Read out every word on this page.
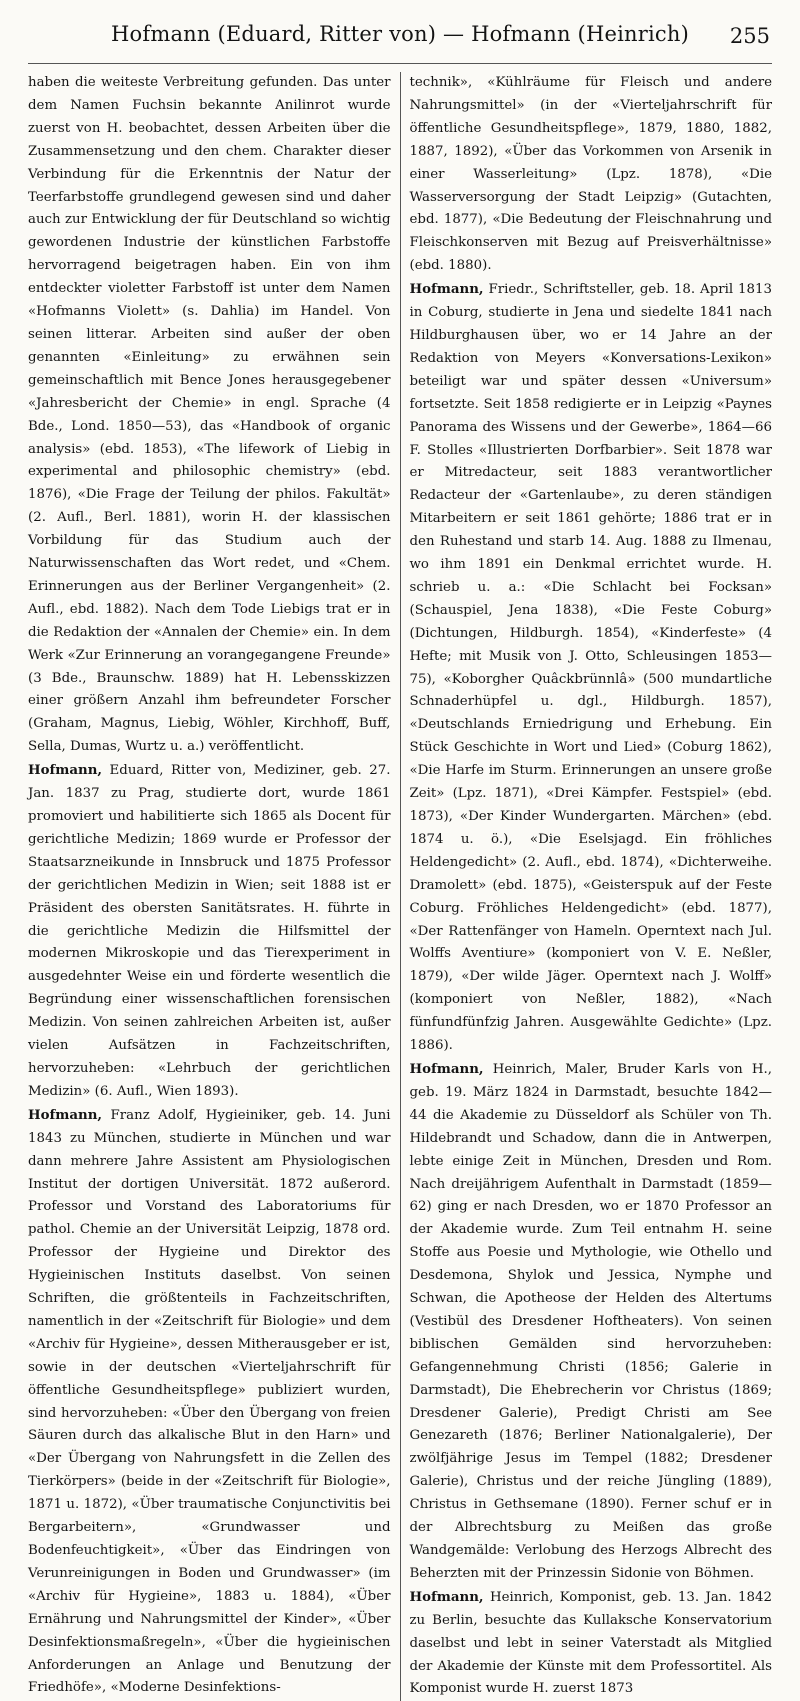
Hofmann (Eduard, Ritter von) — Hofmann (Heinrich) 255

haben die weiteste Verbreitung gefunden. Das unter dem Namen Fuchsin bekannte Anilinrot wurde zuerst von H. beobachtet, dessen Arbeiten über die Zusammensetzung und den chem. Charakter dieser Verbindung für die Erkenntnis der Natur der Teerfarbstoffe grundlegend gewesen sind und daher auch zur Entwicklung der für Deutschland so wichtig gewordenen Industrie der künstlichen Farbstoffe hervorragend beigetragen haben. Ein von ihm entdeckter violetter Farbstoff ist unter dem Namen «Hofmanns Violett» (s. Dahlia) im Handel. Von seinen litterar. Arbeiten sind außer der oben genannten «Einleitung» zu erwähnen sein gemeinschaftlich mit Bence Jones herausgegebener «Jahresbericht der Chemie» in engl. Sprache (4 Bde., Lond. 1850—53), das «Handbook of organic analysis» (ebd. 1853), «The lifework of Liebig in experimental and philosophic chemistry» (ebd. 1876), «Die Frage der Teilung der philos. Fakultät» (2. Aufl., Berl. 1881), worin H. der klassischen Vorbildung für das Studium auch der Naturwissenschaften das Wort redet, und «Chem. Erinnerungen aus der Berliner Vergangenheit» (2. Aufl., ebd. 1882). Nach dem Tode Liebigs trat er in die Redaktion der «Annalen der Chemie» ein. In dem Werk «Zur Erinnerung an vorangegangene Freunde» (3 Bde., Braunschw. 1889) hat H. Lebensskizzen einer größern Anzahl ihm befreundeter Forscher (Graham, Magnus, Liebig, Wöhler, Kirchhoff, Buff, Sella, Dumas, Wurtz u. a.) veröffentlicht.

Hofmann, Eduard, Ritter von, Mediziner, geb. 27. Jan. 1837 zu Prag, studierte dort, wurde 1861 promoviert und habilitierte sich 1865 als Docent für gerichtliche Medizin; 1869 wurde er Professor der Staatsarzneikunde in Innsbruck und 1875 Professor der gerichtlichen Medizin in Wien; seit 1888 ist er Präsident des obersten Sanitätsrates. H. führte in die gerichtliche Medizin die Hilfsmittel der modernen Mikroskopie und das Tierexperiment in ausgedehnter Weise ein und förderte wesentlich die Begründung einer wissenschaftlichen forensischen Medizin. Von seinen zahlreichen Arbeiten ist, außer vielen Aufsätzen in Fachzeitschriften, hervorzuheben: «Lehrbuch der gerichtlichen Medizin» (6. Aufl., Wien 1893).

Hofmann, Franz Adolf, Hygieiniker, geb. 14. Juni 1843 zu München, studierte in München und war dann mehrere Jahre Assistent am Physiologischen Institut der dortigen Universität. 1872 außerord. Professor und Vorstand des Laboratoriums für pathol. Chemie an der Universität Leipzig, 1878 ord. Professor der Hygieine und Direktor des Hygieinischen Instituts daselbst. Von seinen Schriften, die größtenteils in Fachzeitschriften, namentlich in der «Zeitschrift für Biologie» und dem «Archiv für Hygieine», dessen Mitherausgeber er ist, sowie in der deutschen «Vierteljahrschrift für öffentliche Gesundheitspflege» publiziert wurden, sind hervorzuheben: «Über den Übergang von freien Säuren durch das alkalische Blut in den Harn» und «Der Übergang von Nahrungsfett in die Zellen des Tierkörpers» (beide in der «Zeitschrift für Biologie», 1871 u. 1872), «Über traumatische Conjunctivitis bei Bergarbeitern», «Grundwasser und Bodenfeuchtigkeit», «Über das Eindringen von Verunreinigungen in Boden und Grundwasser» (im «Archiv für Hygieine», 1883 u. 1884), «Über Ernährung und Nahrungsmittel der Kinder», «Über Desinfektionsmaßregeln», «Über die hygieinischen Anforderungen an Anlage und Benutzung der Friedhöfe», «Moderne Desinfektions-

technik», «Kühlräume für Fleisch und andere Nahrungsmittel» (in der «Vierteljahrschrift für öffentliche Gesundheitspflege», 1879, 1880, 1882, 1887, 1892), «Über das Vorkommen von Arsenik in einer Wasserleitung» (Lpz. 1878), «Die Wasserversorgung der Stadt Leipzig» (Gutachten, ebd. 1877), «Die Bedeutung der Fleischnahrung und Fleischkonserven mit Bezug auf Preisverhältnisse» (ebd. 1880).

Hofmann, Friedr., Schriftsteller, geb. 18. April 1813 in Coburg, studierte in Jena und siedelte 1841 nach Hildburghausen über, wo er 14 Jahre an der Redaktion von Meyers «Konversations-Lexikon» beteiligt war und später dessen «Universum» fortsetzte. Seit 1858 redigierte er in Leipzig «Paynes Panorama des Wissens und der Gewerbe», 1864—66 F. Stolles «Illustrierten Dorfbarbier». Seit 1878 war er Mitredacteur, seit 1883 verantwortlicher Redacteur der «Gartenlaube», zu deren ständigen Mitarbeitern er seit 1861 gehörte; 1886 trat er in den Ruhestand und starb 14. Aug. 1888 zu Ilmenau, wo ihm 1891 ein Denkmal errichtet wurde. H. schrieb u. a.: «Die Schlacht bei Focksan» (Schauspiel, Jena 1838), «Die Feste Coburg» (Dichtungen, Hildburgh. 1854), «Kinderfeste» (4 Hefte; mit Musik von J. Otto, Schleusingen 1853—75), «Koborgher Quâckbrünnlâ» (500 mundartliche Schnaderhüpfel u. dgl., Hildburgh. 1857), «Deutschlands Erniedrigung und Erhebung. Ein Stück Geschichte in Wort und Lied» (Coburg 1862), «Die Harfe im Sturm. Erinnerungen an unsere große Zeit» (Lpz. 1871), «Drei Kämpfer. Festspiel» (ebd. 1873), «Der Kinder Wundergarten. Märchen» (ebd. 1874 u. ö.), «Die Eselsjagd. Ein fröhliches Heldengedicht» (2. Aufl., ebd. 1874), «Dichterweihe. Dramolett» (ebd. 1875), «Geisterspuk auf der Feste Coburg. Fröhliches Heldengedicht» (ebd. 1877), «Der Rattenfänger von Hameln. Operntext nach Jul. Wolffs Aventiure» (komponiert von V. E. Neßler, 1879), «Der wilde Jäger. Operntext nach J. Wolff» (komponiert von Neßler, 1882), «Nach fünfundfünfzig Jahren. Ausgewählte Gedichte» (Lpz. 1886).

Hofmann, Heinrich, Maler, Bruder Karls von H., geb. 19. März 1824 in Darmstadt, besuchte 1842—44 die Akademie zu Düsseldorf als Schüler von Th. Hildebrandt und Schadow, dann die in Antwerpen, lebte einige Zeit in München, Dresden und Rom. Nach dreijährigem Aufenthalt in Darmstadt (1859—62) ging er nach Dresden, wo er 1870 Professor an der Akademie wurde. Zum Teil entnahm H. seine Stoffe aus Poesie und Mythologie, wie Othello und Desdemona, Shylok und Jessica, Nymphe und Schwan, die Apotheose der Helden des Altertums (Vestibül des Dresdener Hoftheaters). Von seinen biblischen Gemälden sind hervorzuheben: Gefangennehmung Christi (1856; Galerie in Darmstadt), Die Ehebrecherin vor Christus (1869; Dresdener Galerie), Predigt Christi am See Genezareth (1876; Berliner Nationalgalerie), Der zwölfjährige Jesus im Tempel (1882; Dresdener Galerie), Christus und der reiche Jüngling (1889), Christus in Gethsemane (1890). Ferner schuf er in der Albrechtsburg zu Meißen das große Wandgemälde: Verlobung des Herzogs Albrecht des Beherzten mit der Prinzessin Sidonie von Böhmen.

Hofmann, Heinrich, Komponist, geb. 13. Jan. 1842 zu Berlin, besuchte das Kullaksche Konservatorium daselbst und lebt in seiner Vaterstadt als Mitglied der Akademie der Künste mit dem Professortitel. Als Komponist wurde H. zuerst 1873
